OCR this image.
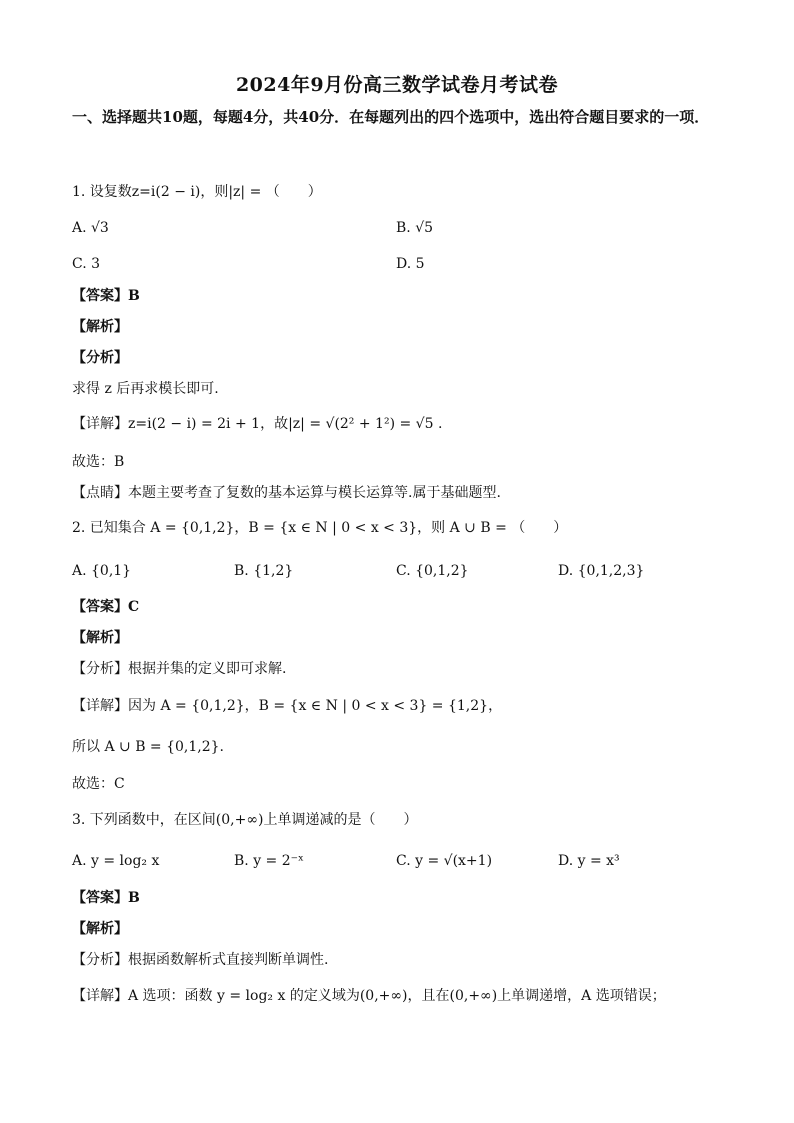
2024年9月份高三数学试卷月考试卷
一、选择题共10题，每题4分，共40分．在每题列出的四个选项中，选出符合题目要求的一项．
1. 设复数z=i(2 − i)，则|z| = （　　）
A. √3	B. √5
C. 3	D. 5
【答案】B
【解析】
【分析】
求得 z 后再求模长即可.
【详解】z=i(2 − i) = 2i + 1，故|z| = √(2² + 1²) = √5 .
故选：B
【点睛】本题主要考查了复数的基本运算与模长运算等.属于基础题型.
2. 已知集合 A = {0,1,2}，B = {x ∈ N | 0 < x < 3}，则 A ∪ B = （　　）
A. {0,1}	B. {1,2}	C. {0,1,2}	D. {0,1,2,3}
【答案】C
【解析】
【分析】根据并集的定义即可求解.
【详解】因为 A = {0,1,2}，B = {x ∈ N | 0 < x < 3} = {1,2}，
所以 A ∪ B = {0,1,2}.
故选：C
3. 下列函数中，在区间(0,+∞)上单调递减的是（　　）
A. y = log₂ x	B. y = 2⁻ˣ	C. y = √(x+1)	D. y = x³
【答案】B
【解析】
【分析】根据函数解析式直接判断单调性.
【详解】A 选项：函数 y = log₂ x 的定义域为(0,+∞)，且在(0,+∞)上单调递增，A 选项错误；
